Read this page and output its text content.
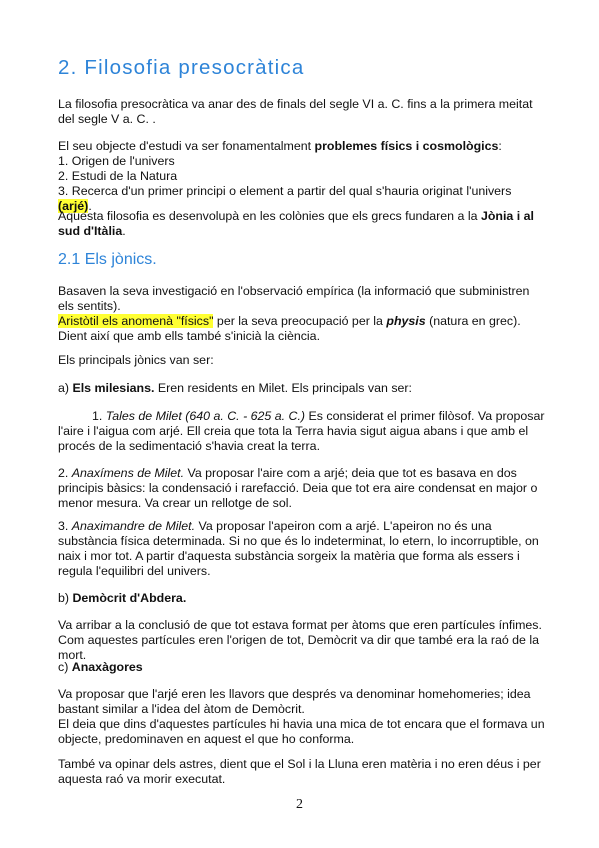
2. Filosofia presocràtica

La filosofia presocràtica va anar des de finals del segle VI a. C. fins a la primera meitat del segle V a. C. .

El seu objecte d'estudi va ser fonamentalment problemes físics i cosmològics:

1. Origen de l'univers

2. Estudi de la Natura

3. Recerca d'un primer principi o element a partir del qual s'hauria originat l'univers (arjé).

Aquesta filosofia es desenvolupà en les colònies que els grecs fundaren a la Jònia i al sud d'Itàlia.

2.1 Els jònics.

Basaven la seva investigació en l'observació empírica (la informació que subministren els sentits).

Aristòtil els anomenà "físics" per la seva preocupació per la physis (natura en grec). Dient així que amb ells també s'inicià la ciència.

Els principals jònics van ser:

a) Els milesians. Eren residents en Milet. Els principals van ser:

1. Tales de Milet (640 a. C. - 625 a. C.) Es considerat el primer filòsof. Va proposar l'aire i l'aigua com arjé. Ell creia que tota la Terra havia sigut aigua abans i que amb el procés de la sedimentació s'havia creat la terra.

2. Anaxímens de Milet. Va proposar l'aire com a arjé; deia que tot es basava en dos principis bàsics: la condensació i rarefacció. Deia que tot era aire condensat en major o menor mesura. Va crear un rellotge de sol.

3. Anaximandre de Milet. Va proposar l'apeiron com a arjé. L'apeiron no és una substància física determinada. Si no que és lo indeterminat, lo etern, lo incorruptible, on naix i mor tot. A partir d'aquesta substància sorgeix la matèria que forma als essers i regula l'equilibri del univers.

b) Demòcrit d'Abdera.

Va arribar a la conclusió de que tot estava format per àtoms que eren partícules ínfimes. Com aquestes partícules eren l'origen de tot, Demòcrit va dir que també era la raó de la mort.

c) Anaxàgores

Va proposar que l'arjé eren les llavors que després va denominar homehomeries; idea bastant similar a l'idea del àtom de Demòcrit.

El deia que dins d'aquestes partícules hi havia una mica de tot encara que el formava un objecte, predominaven en aquest el que ho conforma.

També va opinar dels astres, dient que el Sol i la Lluna eren matèria i no eren déus i per aquesta raó va morir executat.

2
